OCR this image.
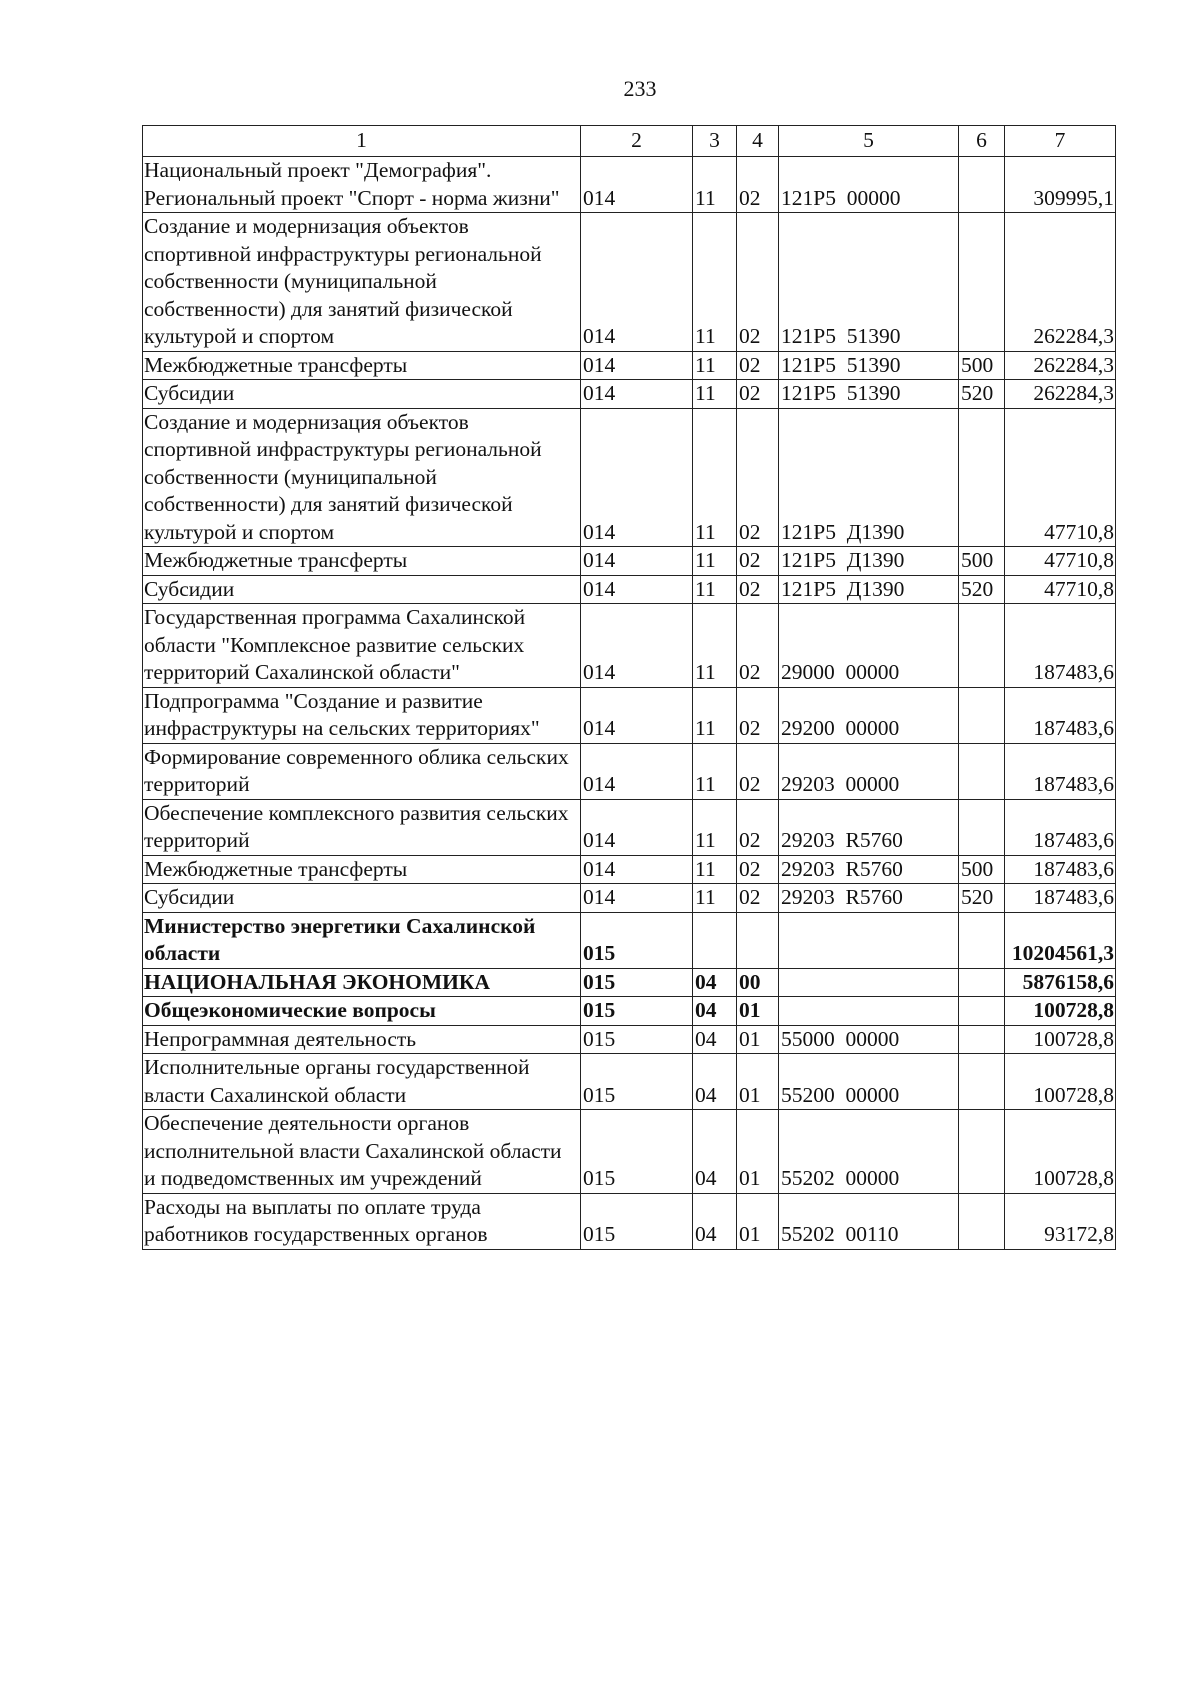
233
1	2	3	4	5	6	7
Национальный проект "Демография". Региональный проект "Спорт - норма жизни"	014	11	02	121P5  00000		309995,1
Создание и модернизация объектов спортивной инфраструктуры региональной собственности (муниципальной собственности) для занятий физической культурой и спортом	014	11	02	121P5  51390		262284,3
Межбюджетные трансферты	014	11	02	121P5  51390	500	262284,3
Субсидии	014	11	02	121P5  51390	520	262284,3
Создание и модернизация объектов спортивной инфраструктуры региональной собственности (муниципальной собственности) для занятий физической культурой и спортом	014	11	02	121P5  Д1390		47710,8
Межбюджетные трансферты	014	11	02	121P5  Д1390	500	47710,8
Субсидии	014	11	02	121P5  Д1390	520	47710,8
Государственная программа Сахалинской области "Комплексное развитие сельских территорий Сахалинской области"	014	11	02	29000  00000		187483,6
Подпрограмма "Создание и развитие инфраструктуры на сельских территориях"	014	11	02	29200  00000		187483,6
Формирование современного облика сельских территорий	014	11	02	29203  00000		187483,6
Обеспечение комплексного развития сельских территорий	014	11	02	29203  R5760		187483,6
Межбюджетные трансферты	014	11	02	29203  R5760	500	187483,6
Субсидии	014	11	02	29203  R5760	520	187483,6
Министерство энергетики Сахалинской области	015					10204561,3
НАЦИОНАЛЬНАЯ ЭКОНОМИКА	015	04	00			5876158,6
Общеэкономические вопросы	015	04	01			100728,8
Непрограммная деятельность	015	04	01	55000  00000		100728,8
Исполнительные органы государственной власти Сахалинской области	015	04	01	55200  00000		100728,8
Обеспечение деятельности органов исполнительной власти Сахалинской области и подведомственных им учреждений	015	04	01	55202  00000		100728,8
Расходы на выплаты по оплате труда работников государственных органов	015	04	01	55202  00110		93172,8
